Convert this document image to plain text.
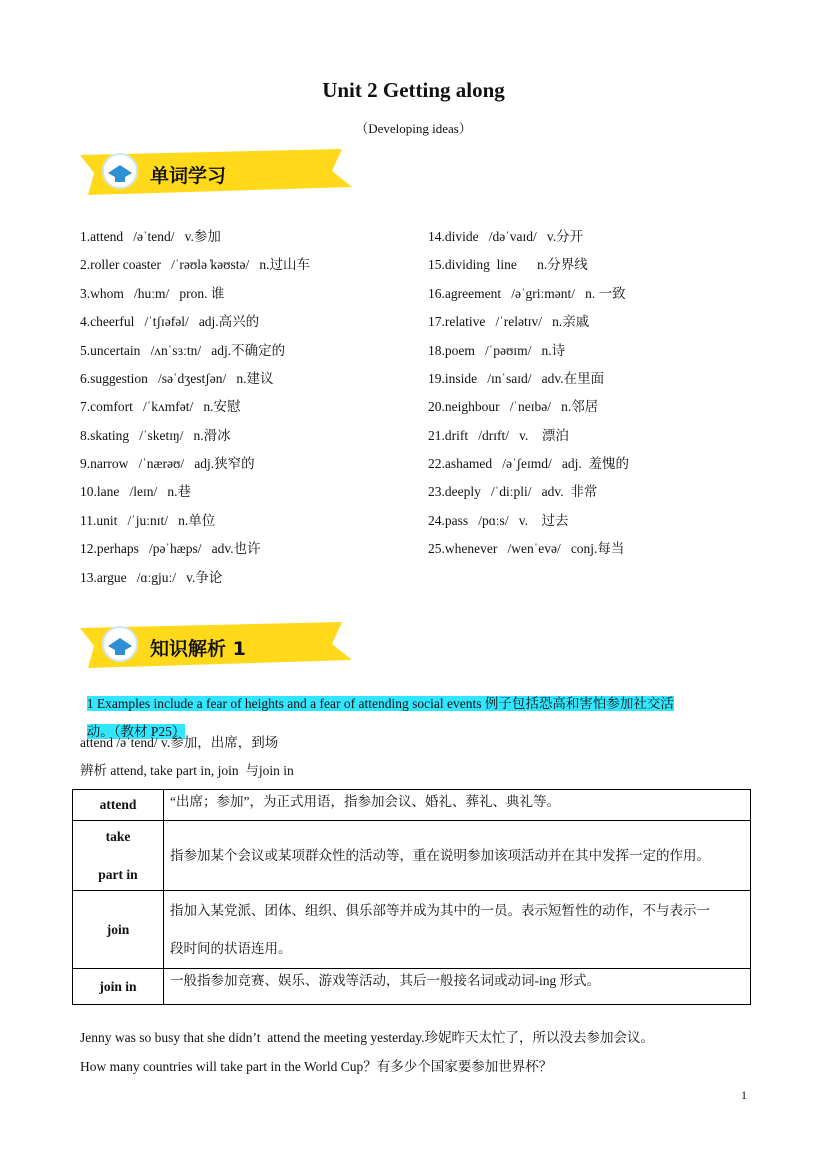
Unit 2 Getting along
（Developing ideas）
单词学习
1.attend   /əˈtend/   v.参加
2.roller coaster   /ˈrəʊlə ̍kəʊstə/   n.过山车
3.whom   /huːm/   pron. 谁
4.cheerful   /ˈtʃɪəfəl/   adj.高兴的
5.uncertain   /ʌnˈsɜːtn/   adj.不确定的
6.suggestion   /səˈdʒestʃən/   n.建议
7.comfort   /ˈkʌmfət/   n.安慰
8.skating   /ˈsketɪŋ/   n.滑冰
9.narrow   /ˈnærəʊ/   adj.狭窄的
10.lane   /leɪn/   n.巷
11.unit   /ˈjuːnɪt/   n.单位
12.perhaps   /pəˈhæps/   adv.也许
13.argue   /ɑːgjuː/   v.争论
14.divide   /dəˈvaɪd/   v.分开
15.dividing  line      n.分界线
16.agreement   /əˈgriːmənt/   n. 一致
17.relative   /ˈrelətɪv/   n.亲戚
18.poem   /ˈpəʊɪm/   n.诗
19.inside   /ɪnˈsaɪd/   adv.在里面
20.neighbour   /ˈneɪbə/   n.邻居
21.drift   /drɪft/   v.    漂泊
22.ashamed   /əˈʃeɪmd/   adj.  羞愧的
23.deeply   /ˈdiːpli/   adv.  非常
24.pass   /pɑːs/   v.    过去
25.whenever   /wenˈevə/   conj.每当
知识解析 1

1 Examples include a fear of heights and a fear of attending social events 例子包括恐高和害怕参加社交活

动。（教材 P25）

attend /əˈtend/ v.参加，出席，到场
辨析 attend, take part in, join  与join in
attend	“出席；参加”，为正式用语，指参加会议、婚礼、葬礼、典礼等。

take
part in	指参加某个会议或某项群众性的活动等，重在说明参加该项活动并在其中发挥一定的作用。
join	指加入某党派、团体、组织、俱乐部等并成为其中的一员。表示短暂性的动作，不与表示一
段时间的状语连用。

join in	一般指参加竞赛、娱乐、游戏等活动，其后一般接名词或动词-ing 形式。
Jenny was so busy that she didn’t  attend the meeting yesterday.珍妮昨天太忙了，所以没去参加会议。
How many countries will take part in the World Cup？有多少个国家要参加世界杯？
1
